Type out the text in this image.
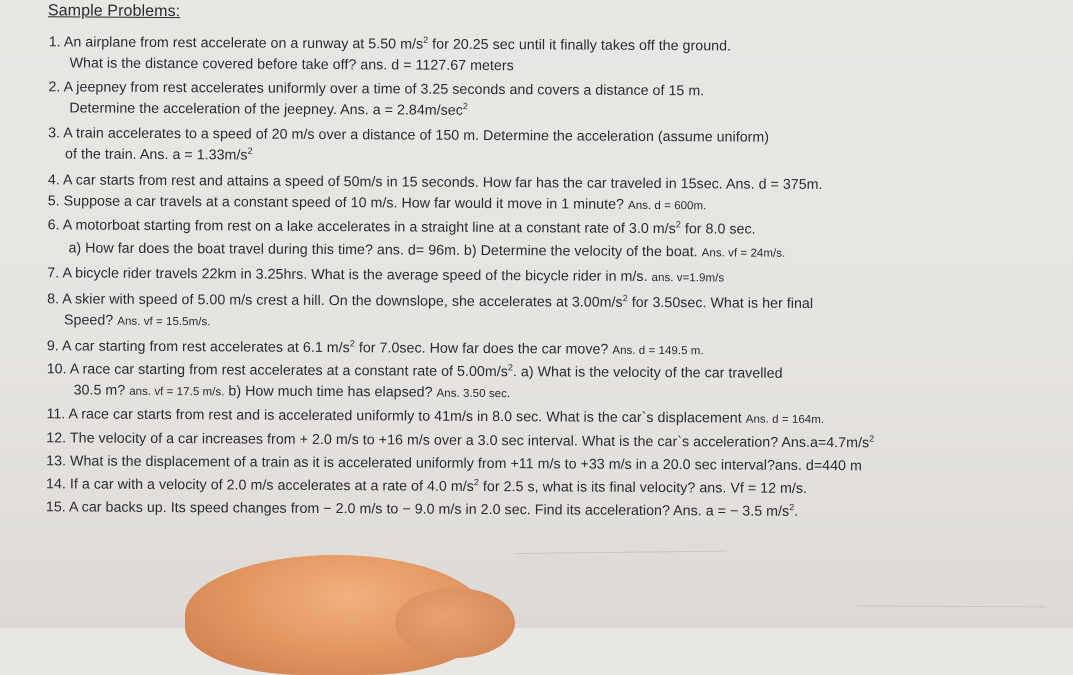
Sample Problems:
1. An airplane from rest accelerate on a runway at 5.50 $m/s^2$ for 20.25 sec until it finally takes off the ground.
What is the distance covered before take off? ans. d = 1127.67 meters
2. A jeepney from rest accelerates uniformly over a time of 3.25 seconds and covers a distance of 15 m.
Determine the acceleration of the jeepney. Ans. $a = 2.84m/\sec^2$
3. A train accelerates to a speed of 20 m/s over a distance of 150 m. Determine the acceleration (assume uniform)
of the train. Ans. $a = 1.33m/s^2$
4. A car starts from rest and attains a speed of 50m/s in 15 seconds. How far has the car traveled in 15sec. Ans. d = 375m.
5. Suppose a car travels at a constant speed of 10 m/s. How far would it move in 1 minute? Ans. d = 600m.
6. A motorboat starting from rest on a lake accelerates in a straight line at a constant rate of 3.0 $m/s^2$ for 8.0 sec.
a) How far does the boat travel during this time? ans. d= 96m. b) Determine the velocity of the boat. Ans. vf = 24m/s.
7. A bicycle rider travels 22km in 3.25hrs. What is the average speed of the bicycle rider in m/s. ans. v=1.9m/s
8. A skier with speed of 5.00 m/s crest a hill. On the downslope, she accelerates at $3.00m/s^2$ for 3.50sec. What is her final
Speed? Ans. vf = 15.5m/s.
9. A car starting from rest accelerates at 6.1 $m/s^2$ for 7.0sec. How far does the car move? Ans. d = 149.5 m.
10. A race car starting from rest accelerates at a constant rate of $5.00m/s^2$. a) What is the velocity of the car travelled
30.5 m? ans. vf = 17.5 m/s. b) How much time has elapsed? Ans. 3.50 sec.
11. A race car starts from rest and is accelerated uniformly to 41m/s in 8.0 sec. What is the car`s displacement Ans. d = 164m.
12. The velocity of a car increases from + 2.0 m/s to +16 m/s over a 3.0 sec interval. What is the car`s acceleration? $Ans.a=4.7m/s^2$
13. What is the displacement of a train as it is accelerated uniformly from +11 m/s to +33 m/s in a 20.0 sec interval?ans. d=440 m
14. If a car with a velocity of 2.0 m/s accelerates at a rate of 4.0 $m/s^2$ for 2.5 s, what is its final velocity? ans. Vf = 12 m/s.
15. A car backs up. Its speed changes from − 2.0 m/s to − 9.0 m/s in 2.0 sec. Find its acceleration? Ans. a = − 3.5 $m/s^2$.
